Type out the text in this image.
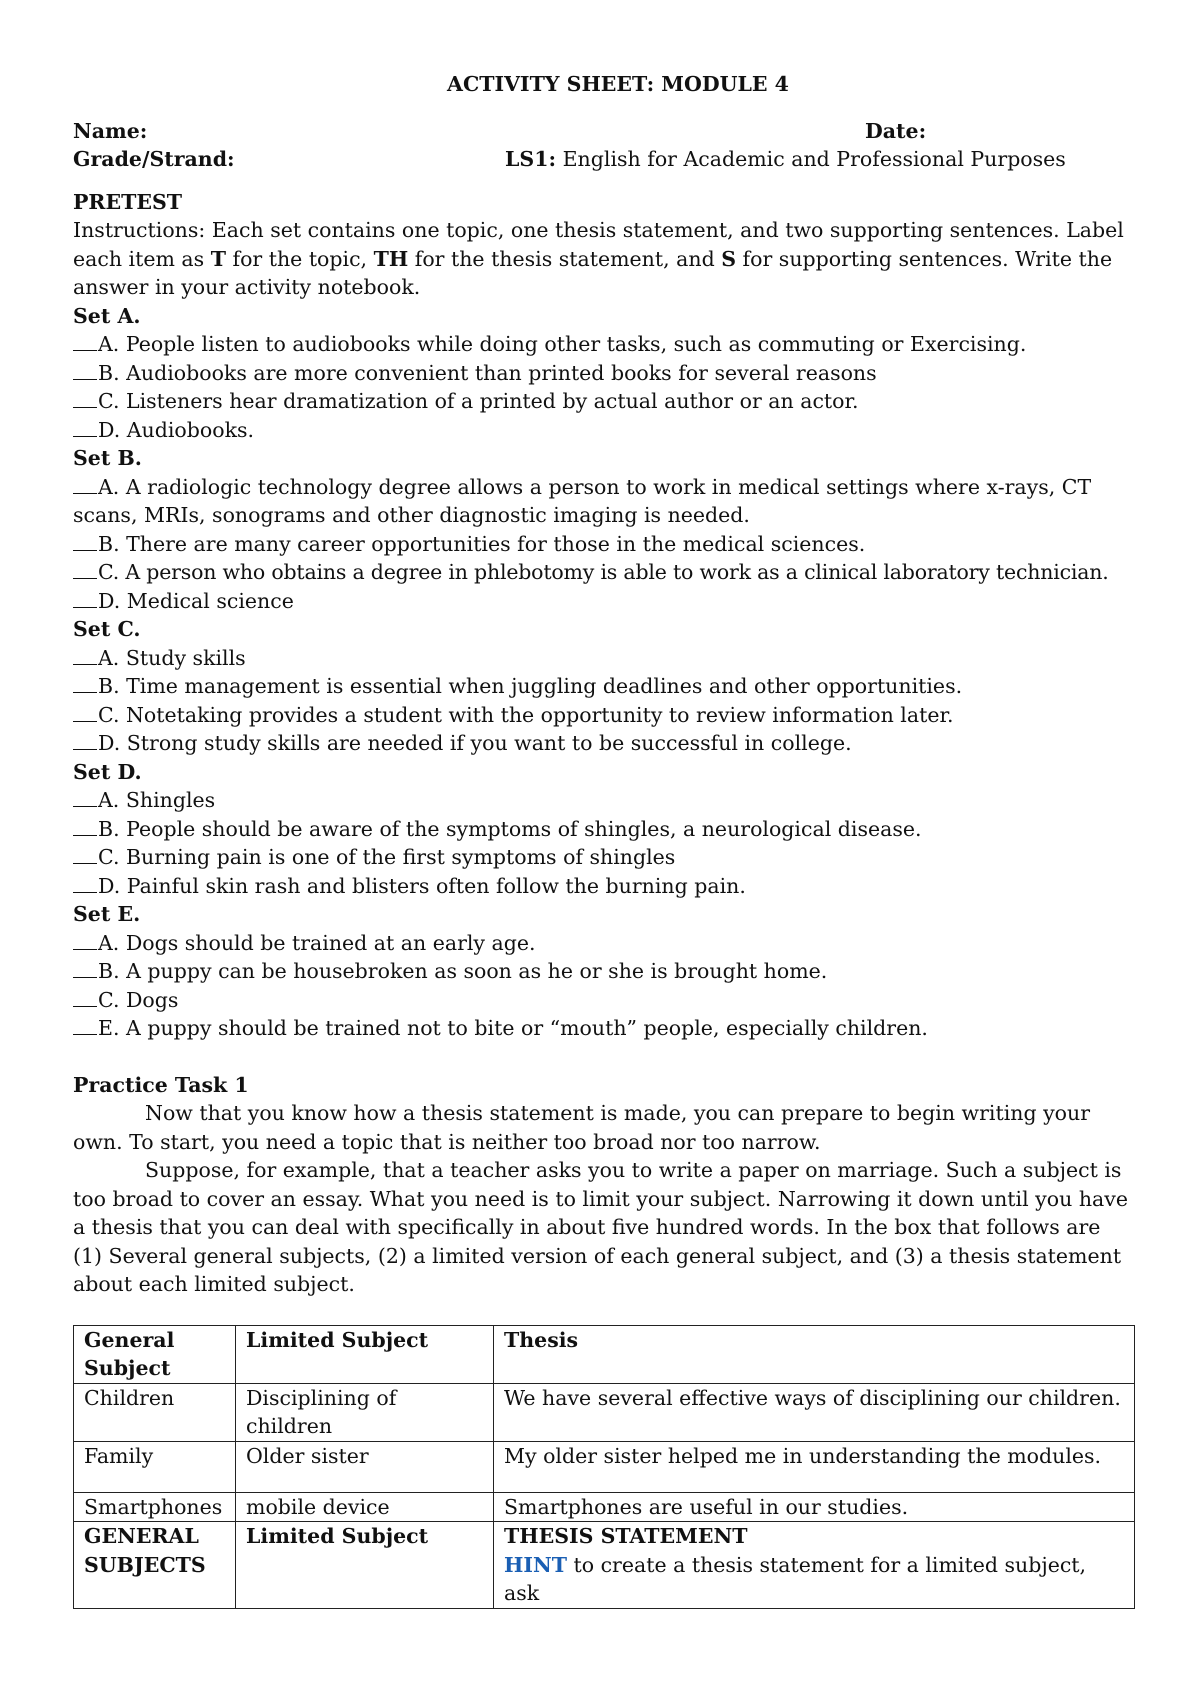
ACTIVITY SHEET: MODULE 4
Name:	Date:
Grade/Strand:	LS1: English for Academic and Professional Purposes

PRETEST

Instructions: Each set contains one topic, one thesis statement, and two supporting sentences. Label each item as T for the topic, TH for the thesis statement, and S for supporting sentences. Write the answer in your activity notebook.

Set A.

A. People listen to audiobooks while doing other tasks, such as commuting or Exercising.

B. Audiobooks are more convenient than printed books for several reasons

C. Listeners hear dramatization of a printed by actual author or an actor.

D. Audiobooks.

Set B.

A. A radiologic technology degree allows a person to work in medical settings where x-rays, CT scans, MRIs, sonograms and other diagnostic imaging is needed.

B. There are many career opportunities for those in the medical sciences.

C. A person who obtains a degree in phlebotomy is able to work as a clinical laboratory technician.

D. Medical science

Set C.

A. Study skills

B. Time management is essential when juggling deadlines and other opportunities.

C. Notetaking provides a student with the opportunity to review information later.

D. Strong study skills are needed if you want to be successful in college.

Set D.

A. Shingles

B. People should be aware of the symptoms of shingles, a neurological disease.

C. Burning pain is one of the first symptoms of shingles

D. Painful skin rash and blisters often follow the burning pain.

Set E.

A. Dogs should be trained at an early age.

B. A puppy can be housebroken as soon as he or she is brought home.

C. Dogs

E. A puppy should be trained not to bite or “mouth” people, especially children.

Practice Task 1

Now that you know how a thesis statement is made, you can prepare to begin writing your own. To start, you need a topic that is neither too broad nor too narrow.

Suppose, for example, that a teacher asks you to write a paper on marriage. Such a subject is too broad to cover an essay. What you need is to limit your subject. Narrowing it down until you have a thesis that you can deal with specifically in about five hundred words. In the box that follows are (1) Several general subjects, (2) a limited version of each general subject, and (3) a thesis statement about each limited subject.

General Subject	Limited Subject	Thesis
Children	Disciplining of children	We have several effective ways of disciplining our children.
Family	Older sister	My older sister helped me in understanding the modules.
Smartphones	mobile device	Smartphones are useful in our studies.
GENERAL SUBJECTS	Limited Subject	THESIS STATEMENT
HINT to create a thesis statement for a limited subject, ask
